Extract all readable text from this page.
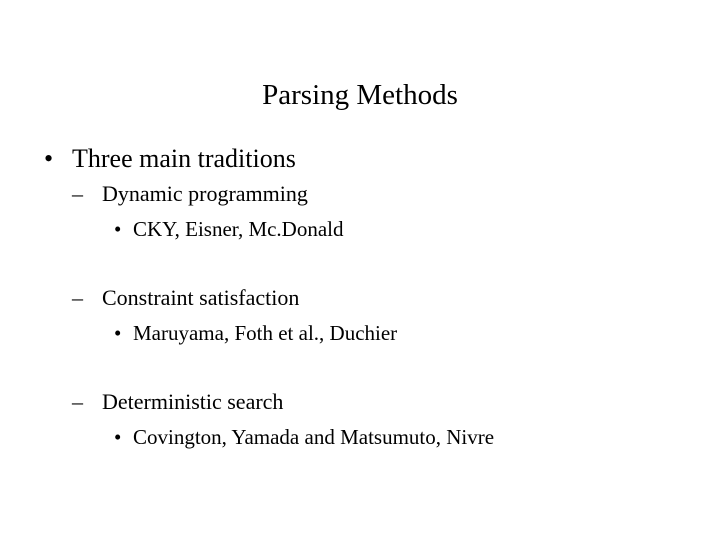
Parsing Methods
• Three main traditions
– Dynamic programming
• CKY, Eisner, Mc.Donald
– Constraint satisfaction
• Maruyama, Foth et al., Duchier
– Deterministic search
• Covington, Yamada and Matsumuto, Nivre
